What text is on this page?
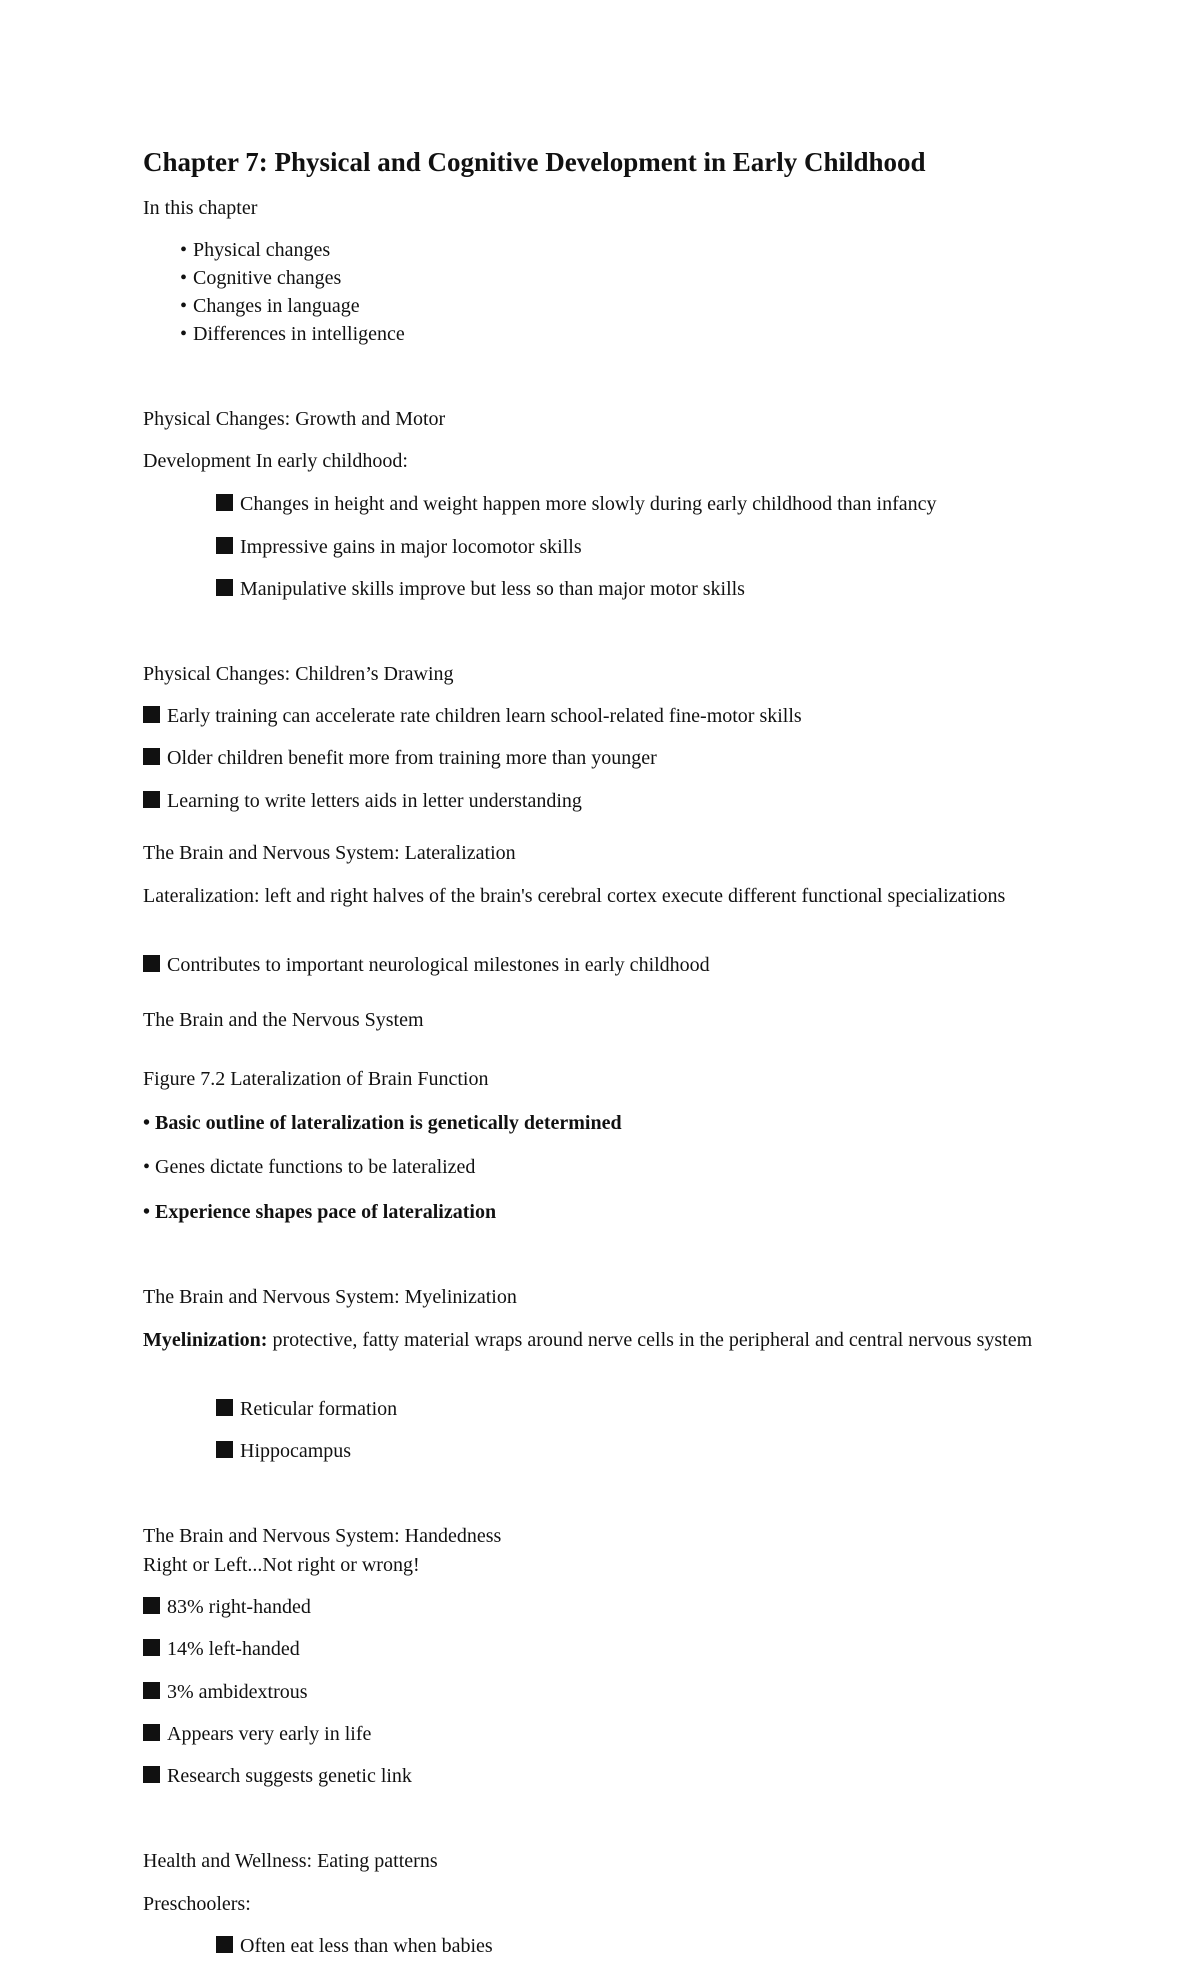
Chapter 7: Physical and Cognitive Development in Early Childhood
In this chapter
• Physical changes
• Cognitive changes
• Changes in language
• Differences in intelligence
Physical Changes: Growth and Motor
Development In early childhood:
Changes in height and weight happen more slowly during early childhood than infancy
Impressive gains in major locomotor skills
Manipulative skills improve but less so than major motor skills
Physical Changes: Children’s Drawing
Early training can accelerate rate children learn school-related fine-motor skills
Older children benefit more from training more than younger
Learning to write letters aids in letter understanding
The Brain and Nervous System: Lateralization
Lateralization: left and right halves of the brain's cerebral cortex execute different functional specializations
Contributes to important neurological milestones in early childhood
The Brain and the Nervous System
Figure 7.2 Lateralization of Brain Function
• Basic outline of lateralization is genetically determined
• Genes dictate functions to be lateralized
• Experience shapes pace of lateralization
The Brain and Nervous System: Myelinization
Myelinization: protective, fatty material wraps around nerve cells in the peripheral and central nervous system
Reticular formation
Hippocampus
The Brain and Nervous System: Handedness
Right or Left...Not right or wrong!
83% right-handed
14% left-handed
3% ambidextrous
Appears very early in life
Research suggests genetic link
Health and Wellness: Eating patterns
Preschoolers:
Often eat less than when babies
